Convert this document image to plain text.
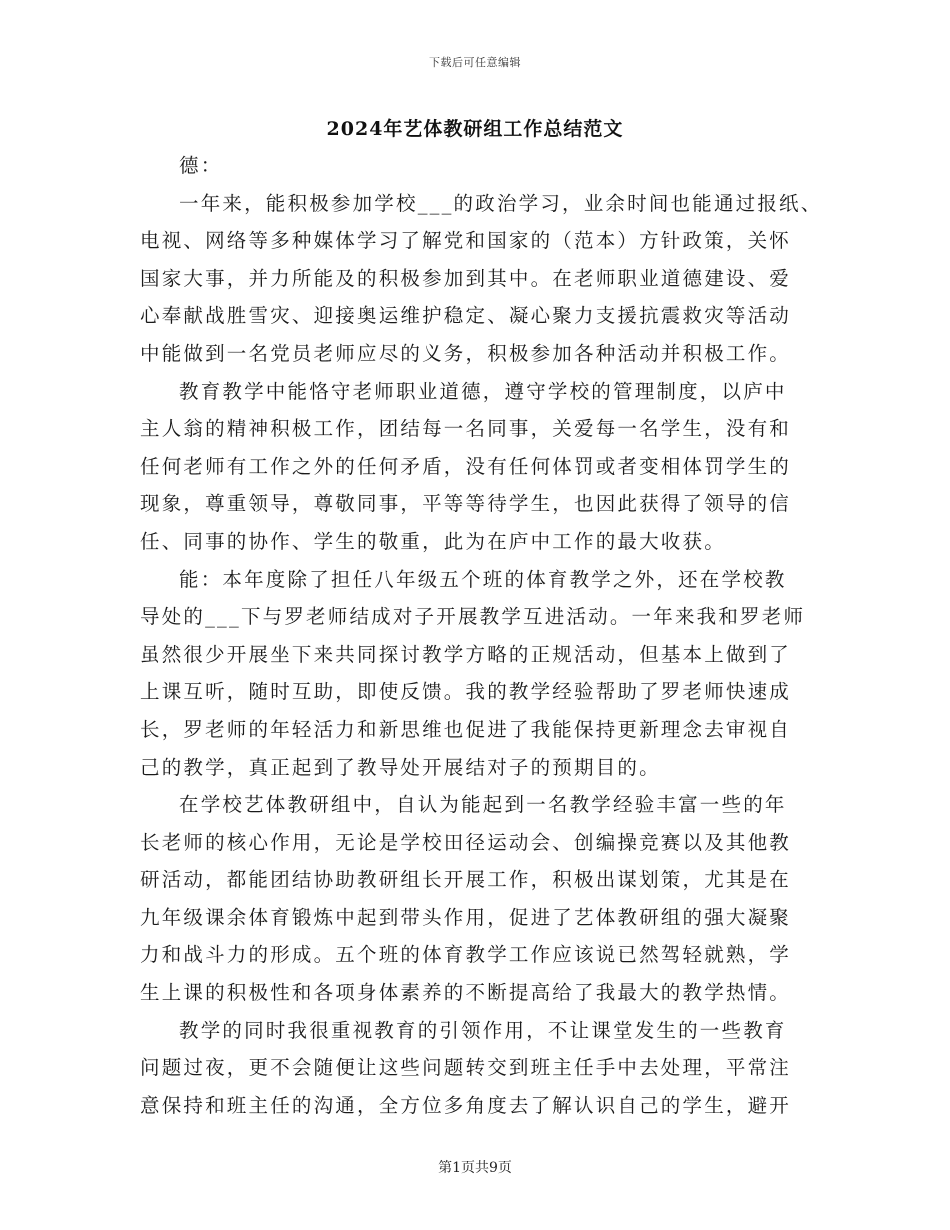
下载后可任意编辑
2024年艺体教研组工作总结范文

德：

一年来，能积极参加学校___的政治学习，业余时间也能通过报纸、

电视、网络等多种媒体学习了解党和国家的（范本）方针政策，关怀
国家大事，并力所能及的积极参加到其中。在老师职业道德建设、爱
心奉献战胜雪灾、迎接奥运维护稳定、凝心聚力支援抗震救灾等活动
中能做到一名党员老师应尽的义务，积极参加各种活动并积极工作。

教育教学中能恪守老师职业道德，遵守学校的管理制度，以庐中

主人翁的精神积极工作，团结每一名同事，关爱每一名学生，没有和
任何老师有工作之外的任何矛盾，没有任何体罚或者变相体罚学生的
现象，尊重领导，尊敬同事，平等等待学生，也因此获得了领导的信
任、同事的协作、学生的敬重，此为在庐中工作的最大收获。

能：本年度除了担任八年级五个班的体育教学之外，还在学校教

导处的___下与罗老师结成对子开展教学互进活动。一年来我和罗老师
虽然很少开展坐下来共同探讨教学方略的正规活动，但基本上做到了
上课互听，随时互助，即使反馈。我的教学经验帮助了罗老师快速成
长，罗老师的年轻活力和新思维也促进了我能保持更新理念去审视自
己的教学，真正起到了教导处开展结对子的预期目的。

在学校艺体教研组中，自认为能起到一名教学经验丰富一些的年

长老师的核心作用，无论是学校田径运动会、创编操竞赛以及其他教
研活动，都能团结协助教研组长开展工作，积极出谋划策，尤其是在
九年级课余体育锻炼中起到带头作用，促进了艺体教研组的强大凝聚
力和战斗力的形成。五个班的体育教学工作应该说已然驾轻就熟，学
生上课的积极性和各项身体素养的不断提高给了我最大的教学热情。

教学的同时我很重视教育的引领作用，不让课堂发生的一些教育

问题过夜，更不会随便让这些问题转交到班主任手中去处理，平常注
意保持和班主任的沟通，全方位多角度去了解认识自己的学生，避开
第1页共9页
